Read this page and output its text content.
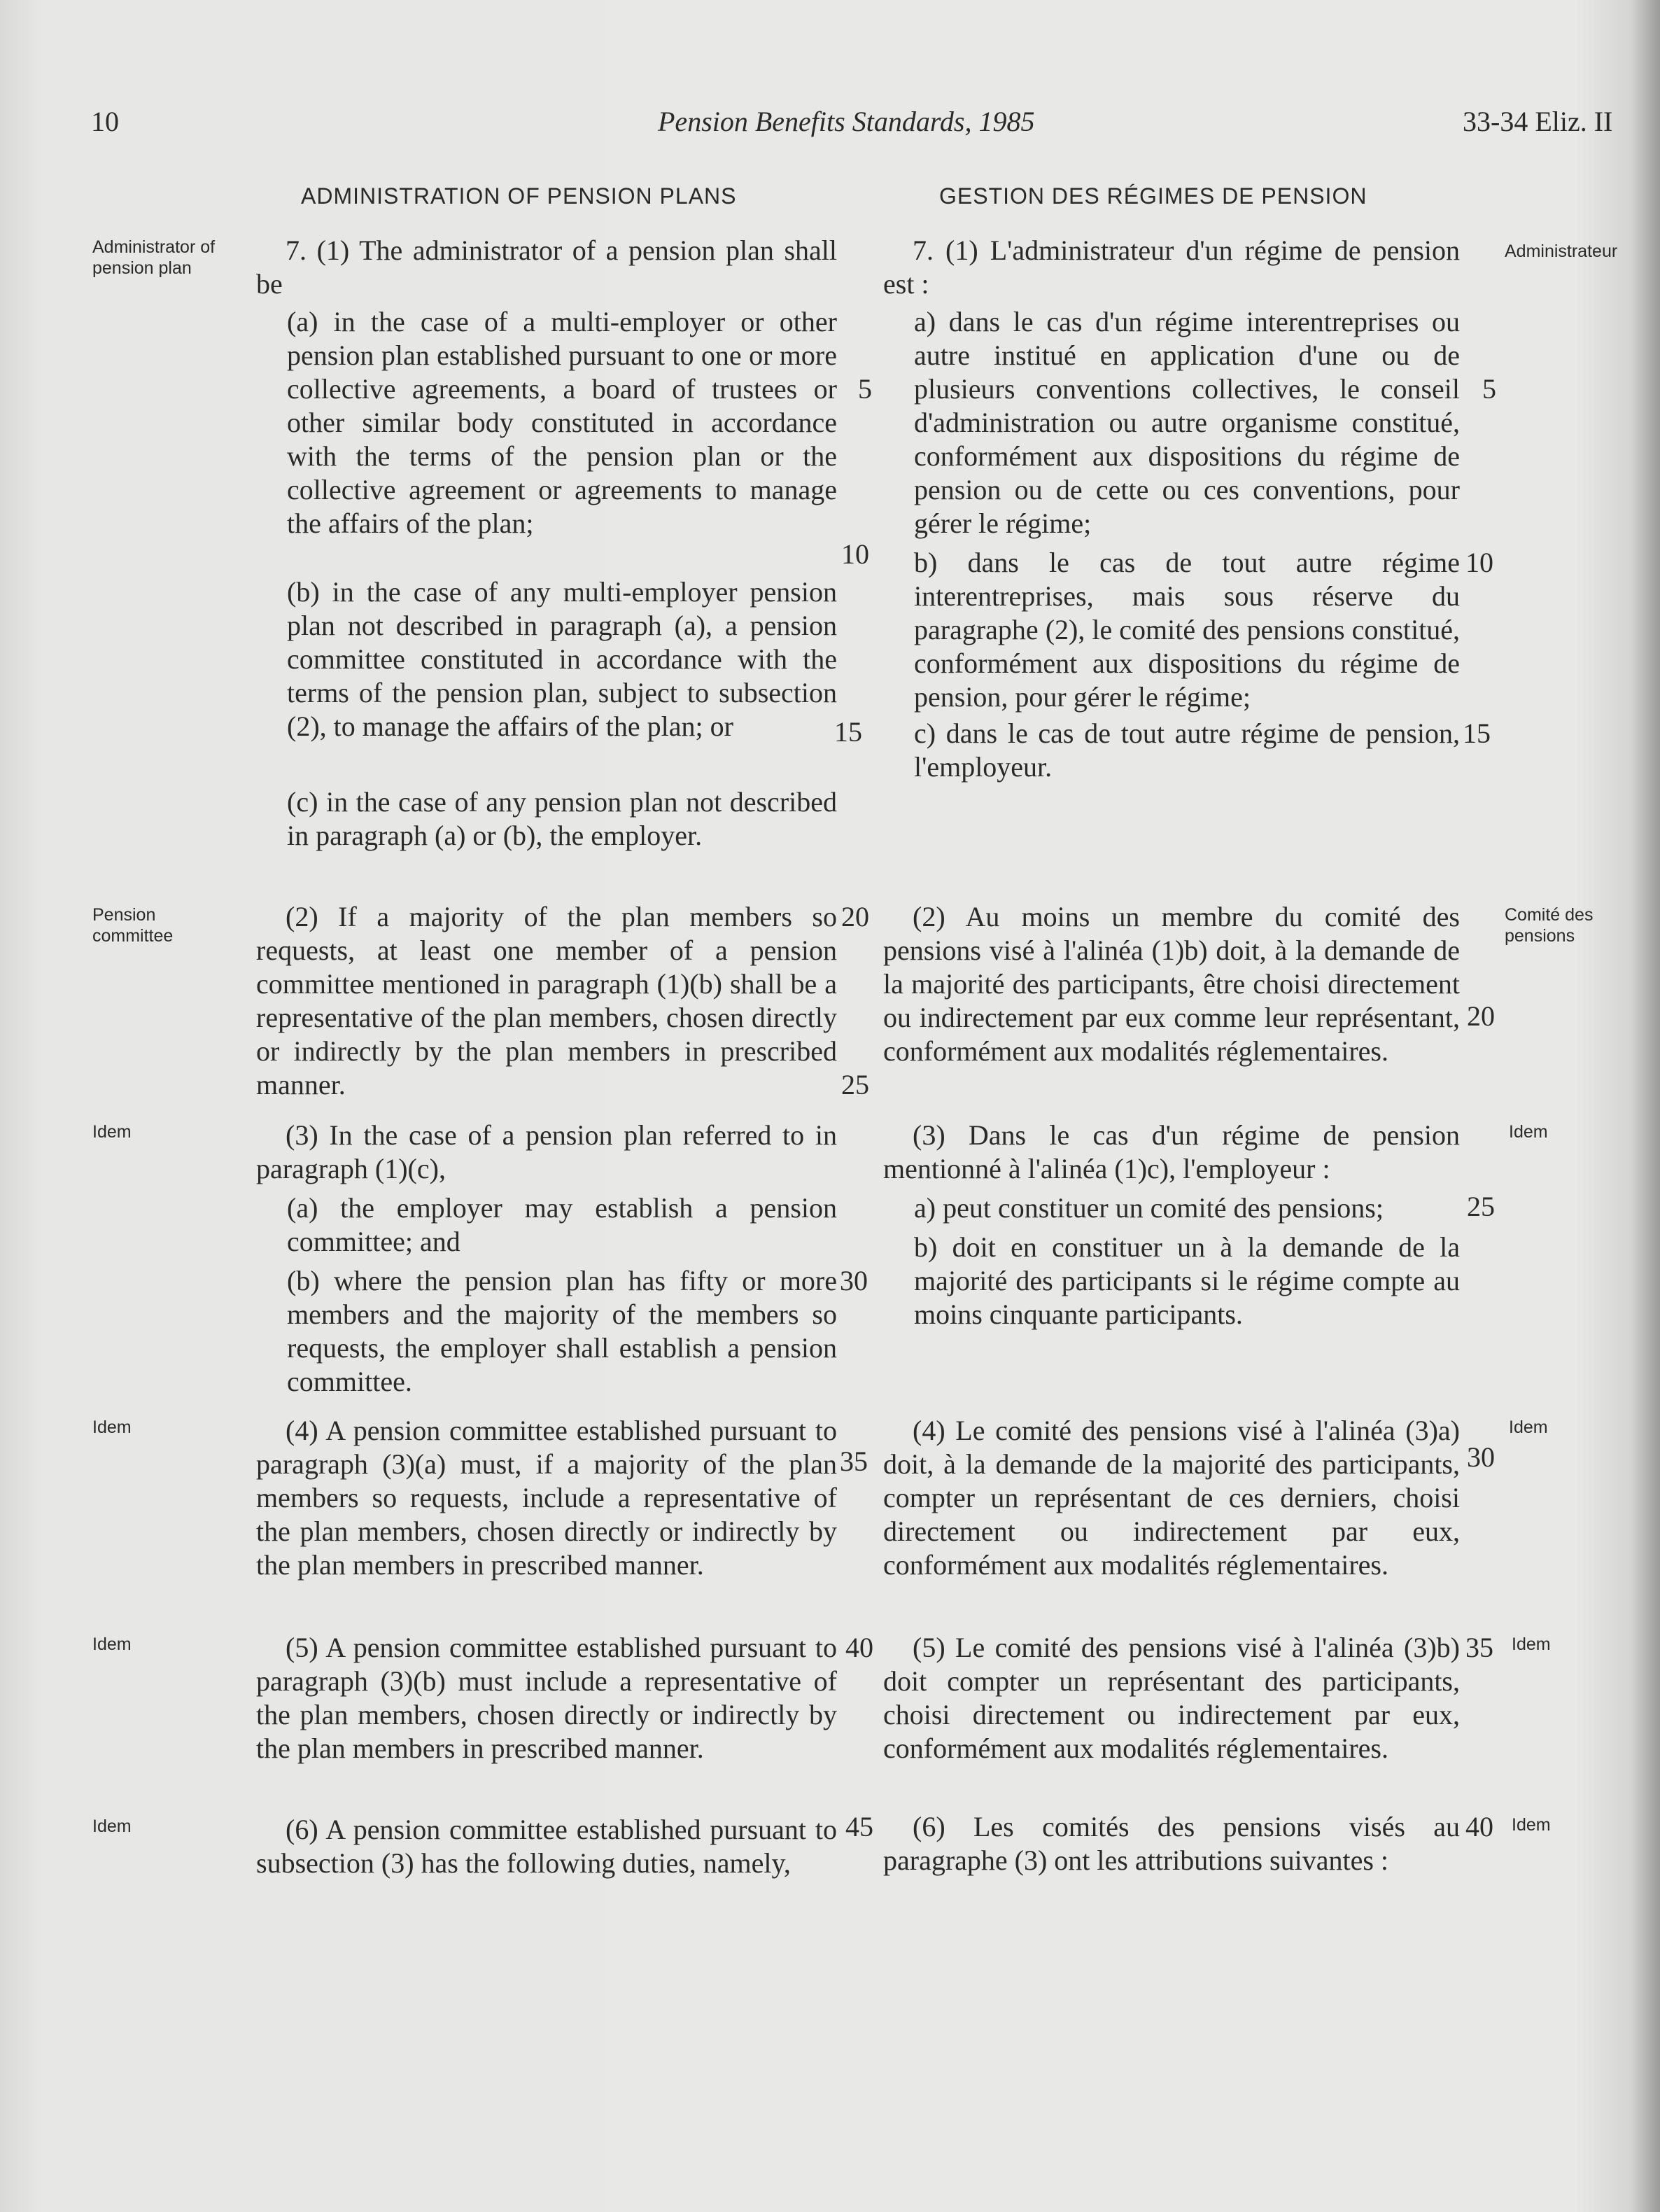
10	Pension Benefits Standards, 1985	33-34 Eliz. II
ADMINISTRATION OF PENSION PLANS	GESTION DES RÉGIMES DE PENSION
Administrator of pension plan
Pension committee
Idem
Idem
Idem
Idem
Administrateur
Comité des pensions
Idem
Idem
Idem
Idem
5
10
15
20
25
30
35
40
45
5
10
15
20
25
30
35
40
7. (1) The administrator of a pension plan shall be
(a) in the case of a multi-employer or other pension plan established pursuant to one or more collective agreements, a board of trustees or other similar body constituted in accordance with the terms of the pension plan or the collective agreement or agreements to manage the affairs of the plan;
(b) in the case of any multi-employer pension plan not described in paragraph (a), a pension committee constituted in accordance with the terms of the pension plan, subject to subsection (2), to manage the affairs of the plan; or
(c) in the case of any pension plan not described in paragraph (a) or (b), the employer.
(2) If a majority of the plan members so requests, at least one member of a pension committee mentioned in paragraph (1)(b) shall be a representative of the plan members, chosen directly or indirectly by the plan members in prescribed manner.
(3) In the case of a pension plan referred to in paragraph (1)(c),
(a) the employer may establish a pension committee; and
(b) where the pension plan has fifty or more members and the majority of the members so requests, the employer shall establish a pension committee.
(4) A pension committee established pursuant to paragraph (3)(a) must, if a majority of the plan members so requests, include a representative of the plan members, chosen directly or indirectly by the plan members in prescribed manner.
(5) A pension committee established pursuant to paragraph (3)(b) must include a representative of the plan members, chosen directly or indirectly by the plan members in prescribed manner.
(6) A pension committee established pursuant to subsection (3) has the following duties, namely,
7. (1) L'administrateur d'un régime de pension est :
a) dans le cas d'un régime interentreprises ou autre institué en application d'une ou de plusieurs conventions collectives, le conseil d'administration ou autre organisme constitué, conformément aux dispositions du régime de pension ou de cette ou ces conventions, pour gérer le régime;
b) dans le cas de tout autre régime interentreprises, mais sous réserve du paragraphe (2), le comité des pensions constitué, conformément aux dispositions du régime de pension, pour gérer le régime;
c) dans le cas de tout autre régime de pension, l'employeur.
(2) Au moins un membre du comité des pensions visé à l'alinéa (1)b) doit, à la demande de la majorité des participants, être choisi directement ou indirectement par eux comme leur représentant, conformément aux modalités réglementaires.
(3) Dans le cas d'un régime de pension mentionné à l'alinéa (1)c), l'employeur :
a) peut constituer un comité des pensions;
b) doit en constituer un à la demande de la majorité des participants si le régime compte au moins cinquante participants.
(4) Le comité des pensions visé à l'alinéa (3)a) doit, à la demande de la majorité des participants, compter un représentant de ces derniers, choisi directement ou indirectement par eux, conformément aux modalités réglementaires.
(5) Le comité des pensions visé à l'alinéa (3)b) doit compter un représentant des participants, choisi directement ou indirectement par eux, conformément aux modalités réglementaires.
(6) Les comités des pensions visés au paragraphe (3) ont les attributions suivantes :
